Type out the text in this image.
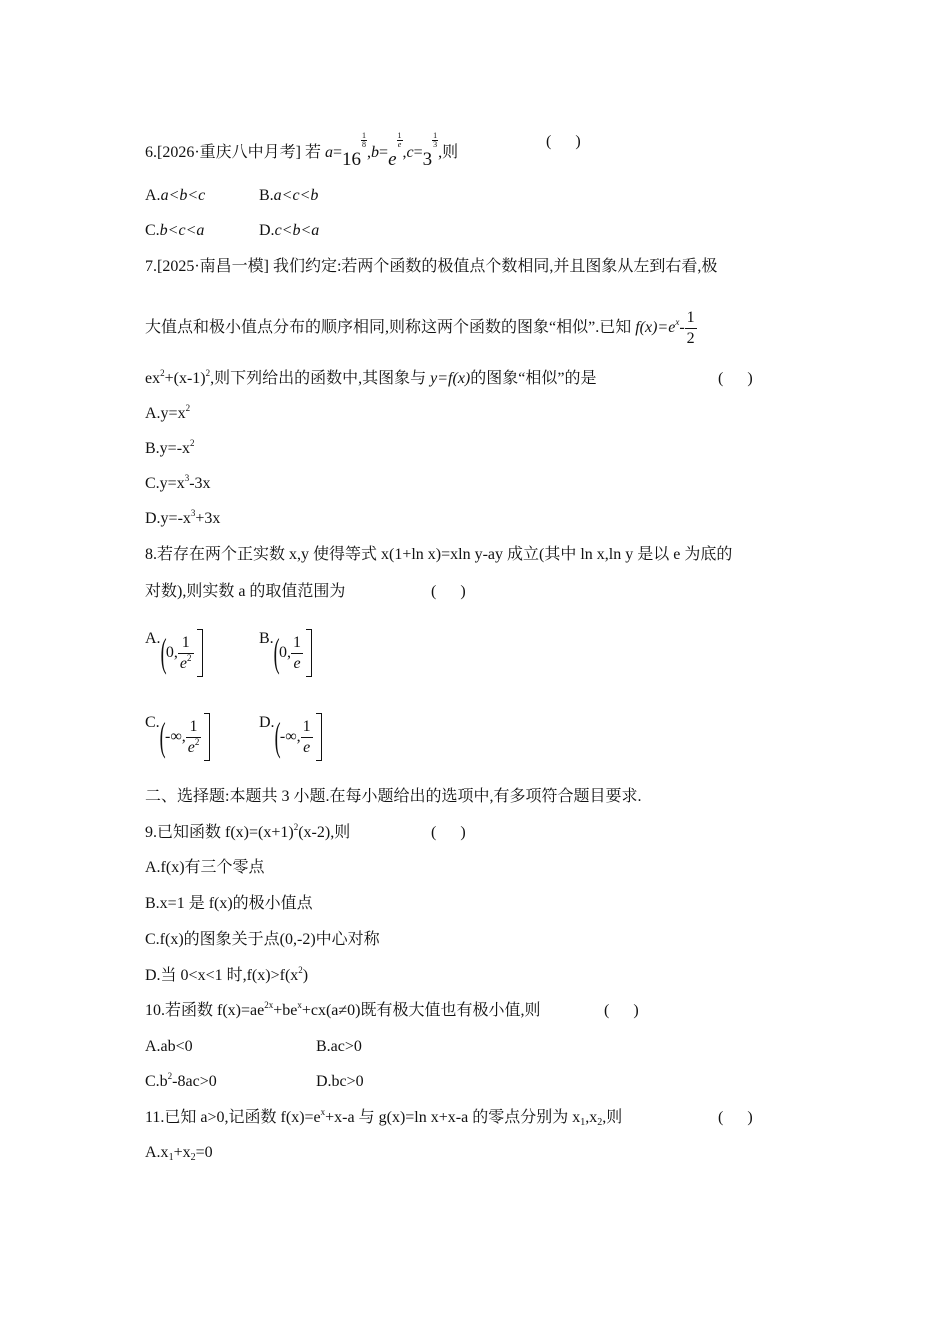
6.[2026·重庆八中月考] 若 a=16
$\frac{1}{8}$
,b=e
$\frac{1}{e}$
,c=3
$\frac{1}{3}$
,则
(      )
A.a<b<c	B.a<c<b
C.b<c<a	D.c<b<a
7.[2025·南昌一模] 我们约定:若两个函数的极值点个数相同,并且图象从左到右看,极
大值点和极小值点分布的顺序相同,则称这两个函数的图象“相似”.已知 $f(x)=e^x- \frac{1}{2}$
$ex^2+(x-1)^2$,则下列给出的函数中,其图象与 y=f(x)的图象“相似”的是	(      )
$A.y=x^2$
$B.y=-x^2$
$C.y=x^3-3x$
$D.y=-x^3+3x$
8.若存在两个正实数 x,y 使得等式 x(1+ln x)=xln y-ay 成立(其中 ln x,ln y 是以 e 为底的
对数),则实数 a 的取值范围为	(      )
A. ( 0, $\frac{1}{e^2}$	B. ( 0, $\frac{1}{e}$
C. ( -∞, $\frac{1}{e^2}$	D. ( -∞, $\frac{1}{e}$
二、选择题:本题共 3 小题.在每小题给出的选项中,有多项符合题目要求.
9.已知函数 $f(x)=(x+1)^2(x-2)$,则	(      )
A.f(x)有三个零点
B.x=1 是 f(x)的极小值点
C.f(x)的图象关于点(0,-2)中心对称
D.当 0<x<1 时$,f(x)>f(x^2)$
10.若函数 $f(x)=ae^{2x}+be^x+cx(a\ne 0)$既有极大值也有极小值,则	(      )
A.ab<0	B.ac>0
$C.b^2-8ac>0$	D.bc>0
11.已知 a>0,记函数 $f(x)=e^x+x-a$ 与 g(x)=ln x+x-a 的零点分别为 $x_1,x_2$,则	(      )
$A.x_1+x_2=0$
